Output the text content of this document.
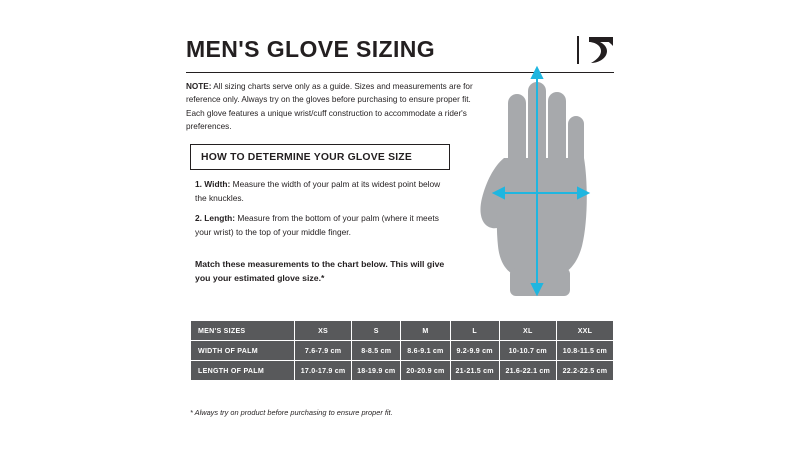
MEN'S GLOVE SIZING
NOTE: All sizing charts serve only as a guide. Sizes and measurements are for reference only. Always try on the gloves before purchasing to ensure proper fit. Each glove features a unique wrist/cuff construction to accommodate a rider's preferences.
HOW TO DETERMINE YOUR GLOVE SIZE
1. Width: Measure the width of your palm at its widest point below the knuckles.
2. Length: Measure from the bottom of your palm (where it meets your wrist) to the top of your middle finger.
Match these measurements to the chart below. This will give you your estimated glove size.*
MEN'S SIZES	XS	S	M	L	XL	XXL
WIDTH OF PALM	7.6-7.9 cm	8-8.5 cm	8.6-9.1 cm	9.2-9.9 cm	10-10.7 cm	10.8-11.5 cm
LENGTH OF PALM	17.0-17.9 cm	18-19.9 cm	20-20.9 cm	21-21.5 cm	21.6-22.1 cm	22.2-22.5 cm
* Always try on product before purchasing to ensure proper fit.
